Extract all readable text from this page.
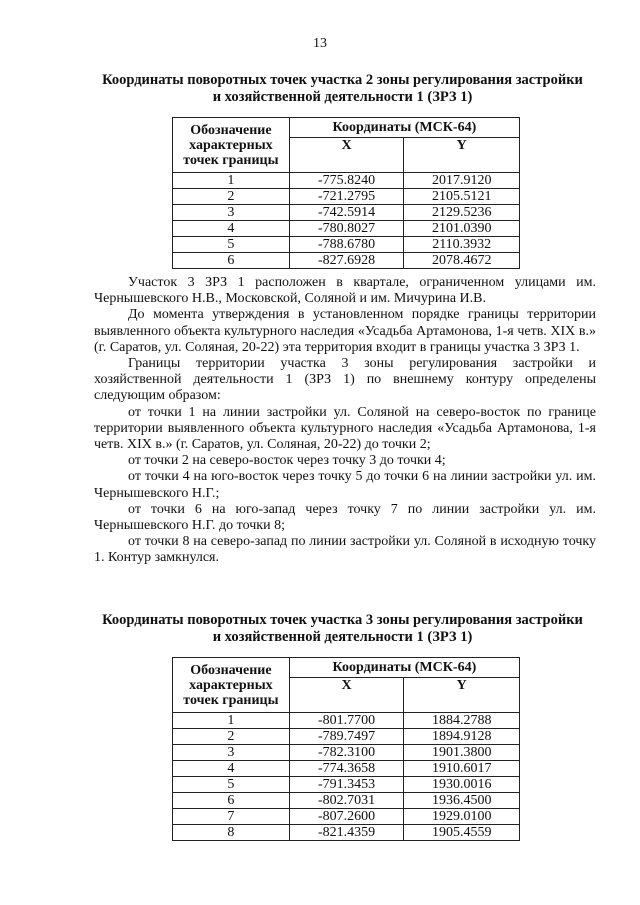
13
Координаты поворотных точек участка 2 зоны регулирования застройки
и хозяйственной деятельности 1 (ЗРЗ 1)
Обозначение характерных точек границы	Координаты (МСК-64)	
	X	Y
1	-775.8240	2017.9120
2	-721.2795	2105.5121
3	-742.5914	2129.5236
4	-780.8027	2101.0390
5	-788.6780	2110.3932
6	-827.6928	2078.4672
Участок 3 ЗРЗ 1 расположен в квартале, ограниченном улицами им. Чернышевского Н.В., Московской, Соляной и им. Мичурина И.В.
До момента утверждения в установленном порядке границы территории выявленного объекта культурного наследия «Усадьба Артамонова, 1-я четв. XIX в.» (г. Саратов, ул. Соляная, 20-22) эта территория входит в границы участка 3 ЗРЗ 1.
Границы территории участка 3 зоны регулирования застройки и хозяйственной деятельности 1 (ЗРЗ 1) по внешнему контуру определены следующим образом:
от точки 1 на линии застройки ул. Соляной на северо-восток по границе территории выявленного объекта культурного наследия «Усадьба Артамонова, 1-я четв. XIX в.» (г. Саратов, ул. Соляная, 20-22) до точки 2;
от точки 2 на северо-восток через точку 3 до точки 4;
от точки 4 на юго-восток через точку 5 до точки 6 на линии застройки ул. им. Чернышевского Н.Г.;
от точки 6 на юго-запад через точку 7 по линии застройки ул. им. Чернышевского Н.Г. до точки 8;
от точки 8 на северо-запад по линии застройки ул. Соляной в исходную точку 1. Контур замкнулся.
Координаты поворотных точек участка 3 зоны регулирования застройки
и хозяйственной деятельности 1 (ЗРЗ 1)
Обозначение характерных точек границы	Координаты (МСК-64)	
	X	Y
1	-801.7700	1884.2788
2	-789.7497	1894.9128
3	-782.3100	1901.3800
4	-774.3658	1910.6017
5	-791.3453	1930.0016
6	-802.7031	1936.4500
7	-807.2600	1929.0100
8	-821.4359	1905.4559
